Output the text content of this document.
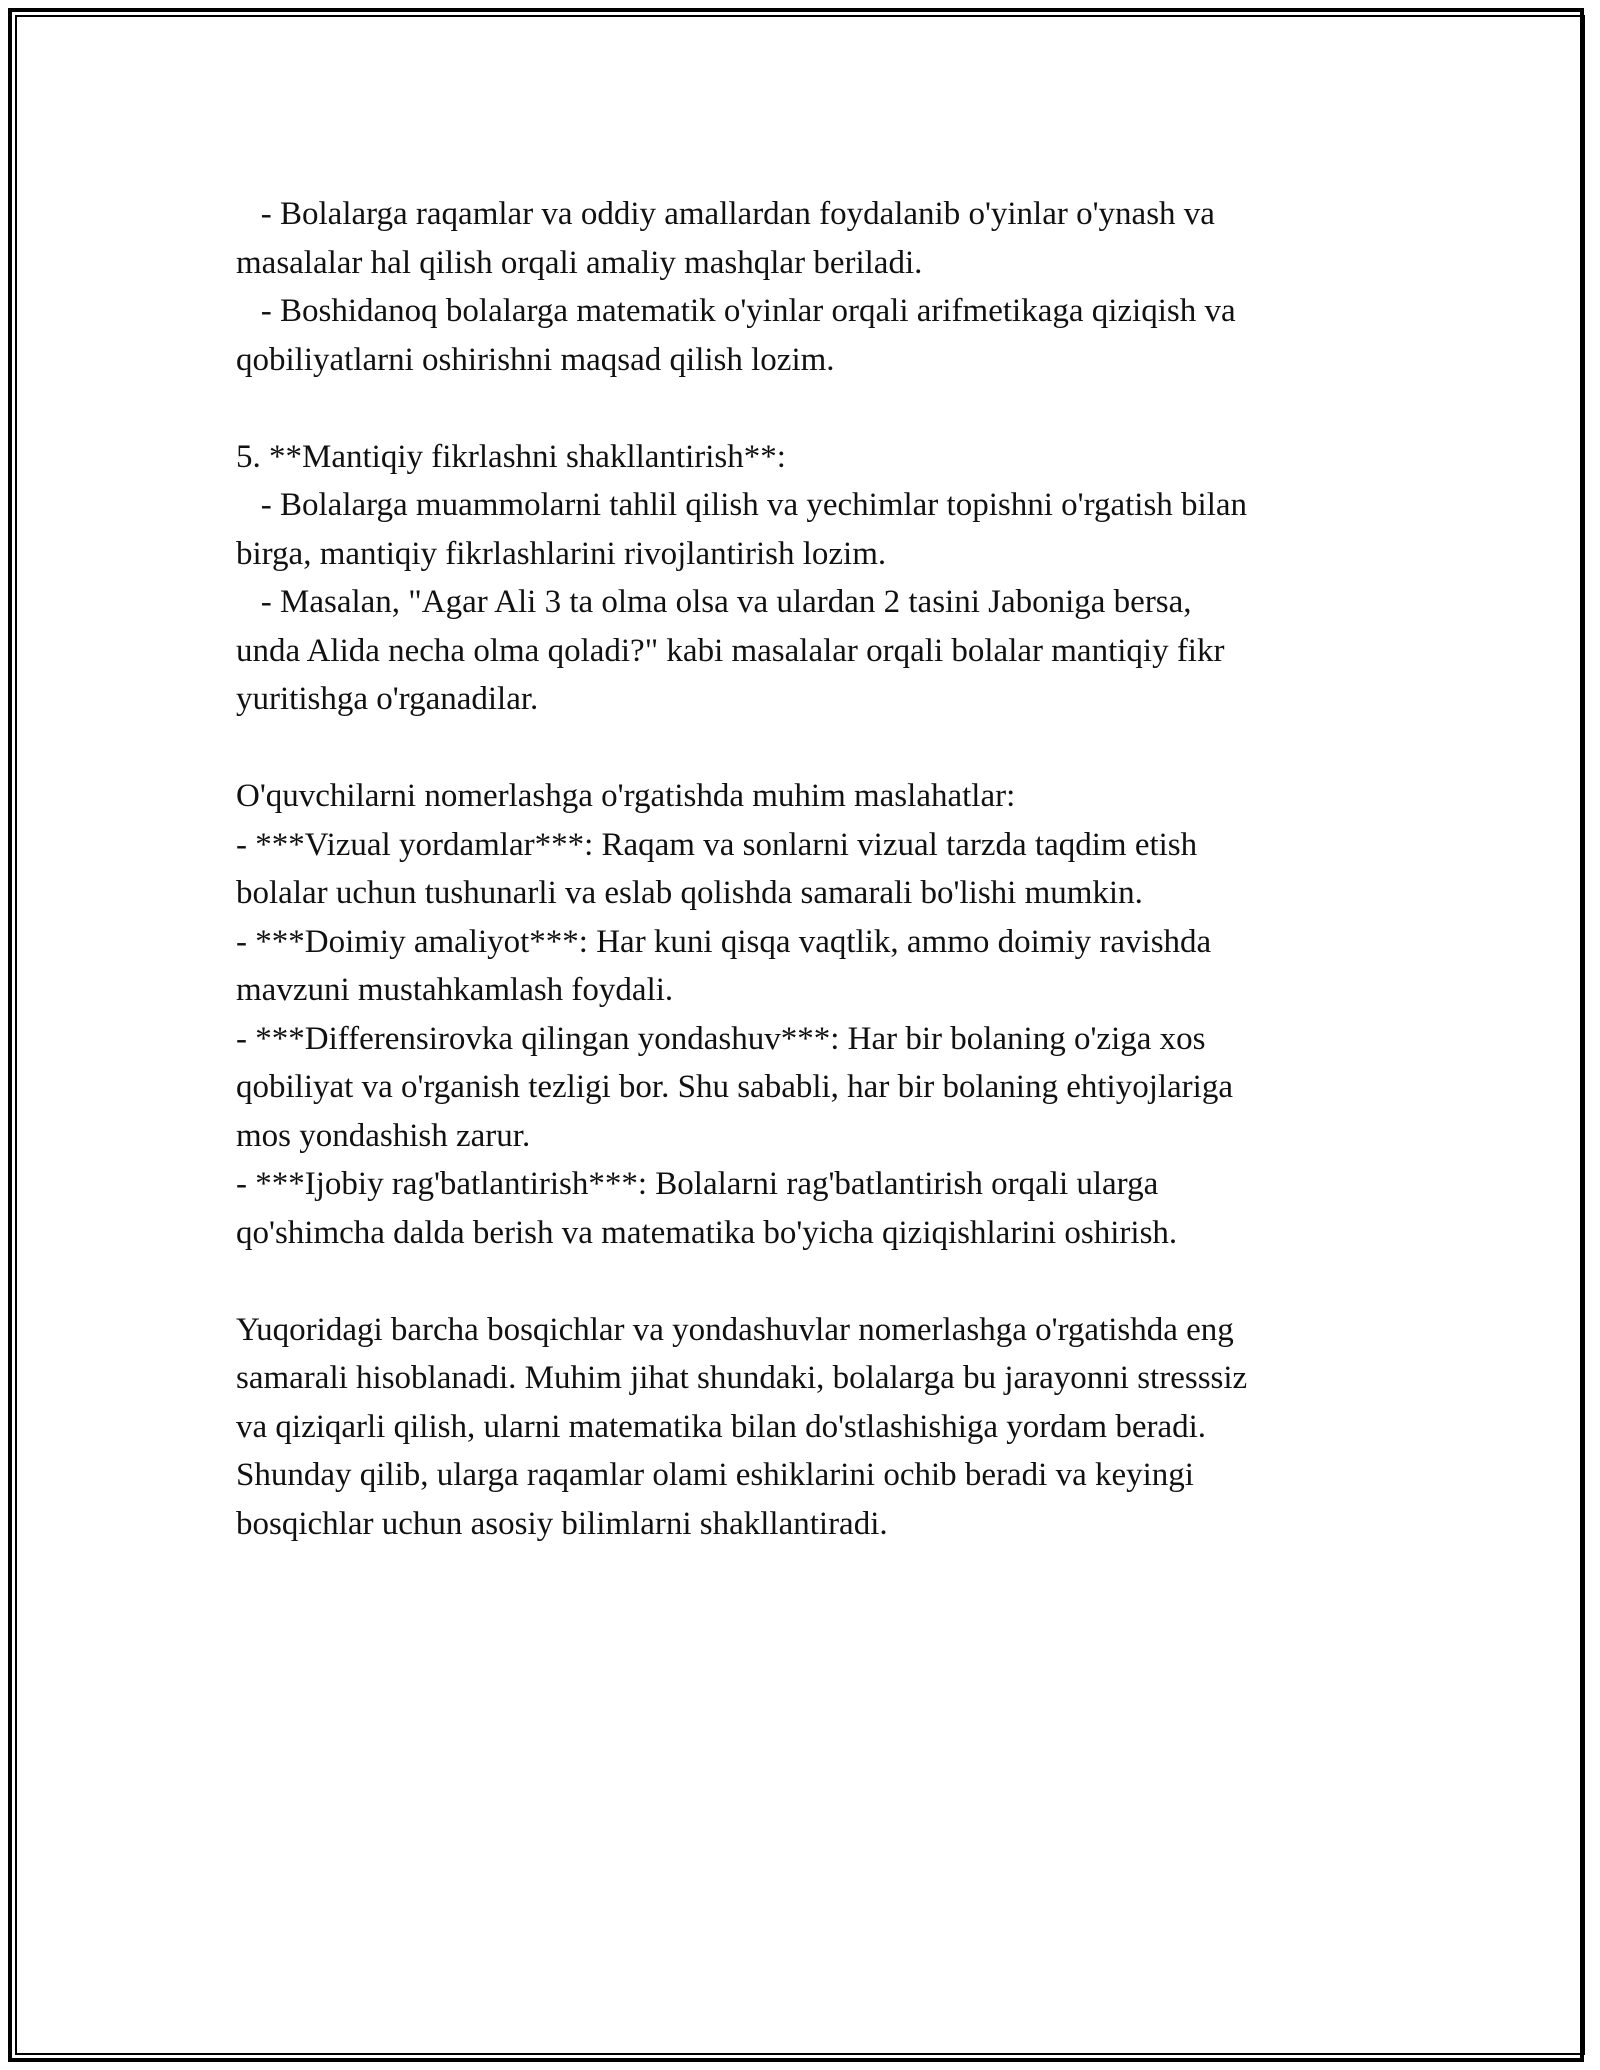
- Bolalarga raqamlar va oddiy amallardan foydalanib o'yinlar o'ynash va
masalalar hal qilish orqali amaliy mashqlar beriladi.
- Boshidanoq bolalarga matematik o'yinlar orqali arifmetikaga qiziqish va
qobiliyatlarni oshirishni maqsad qilish lozim.
5. **Mantiqiy fikrlashni shakllantirish**:
- Bolalarga muammolarni tahlil qilish va yechimlar topishni o'rgatish bilan
birga, mantiqiy fikrlashlarini rivojlantirish lozim.
- Masalan, "Agar Ali 3 ta olma olsa va ulardan 2 tasini Jaboniga bersa,
unda Alida necha olma qoladi?" kabi masalalar orqali bolalar mantiqiy fikr
yuritishga o'rganadilar.
O'quvchilarni nomerlashga o'rgatishda muhim maslahatlar:
- ***Vizual yordamlar***: Raqam va sonlarni vizual tarzda taqdim etish
bolalar uchun tushunarli va eslab qolishda samarali bo'lishi mumkin.
- ***Doimiy amaliyot***: Har kuni qisqa vaqtlik, ammo doimiy ravishda
mavzuni mustahkamlash foydali.
- ***Differensirovka qilingan yondashuv***: Har bir bolaning o'ziga xos
qobiliyat va o'rganish tezligi bor. Shu sababli, har bir bolaning ehtiyojlariga
mos yondashish zarur.
- ***Ijobiy rag'batlantirish***: Bolalarni rag'batlantirish orqali ularga
qo'shimcha dalda berish va matematika bo'yicha qiziqishlarini oshirish.
Yuqoridagi barcha bosqichlar va yondashuvlar nomerlashga o'rgatishda eng
samarali hisoblanadi. Muhim jihat shundaki, bolalarga bu jarayonni stresssiz
va qiziqarli qilish, ularni matematika bilan do'stlashishiga yordam beradi.
Shunday qilib, ularga raqamlar olami eshiklarini ochib beradi va keyingi
bosqichlar uchun asosiy bilimlarni shakllantiradi.
